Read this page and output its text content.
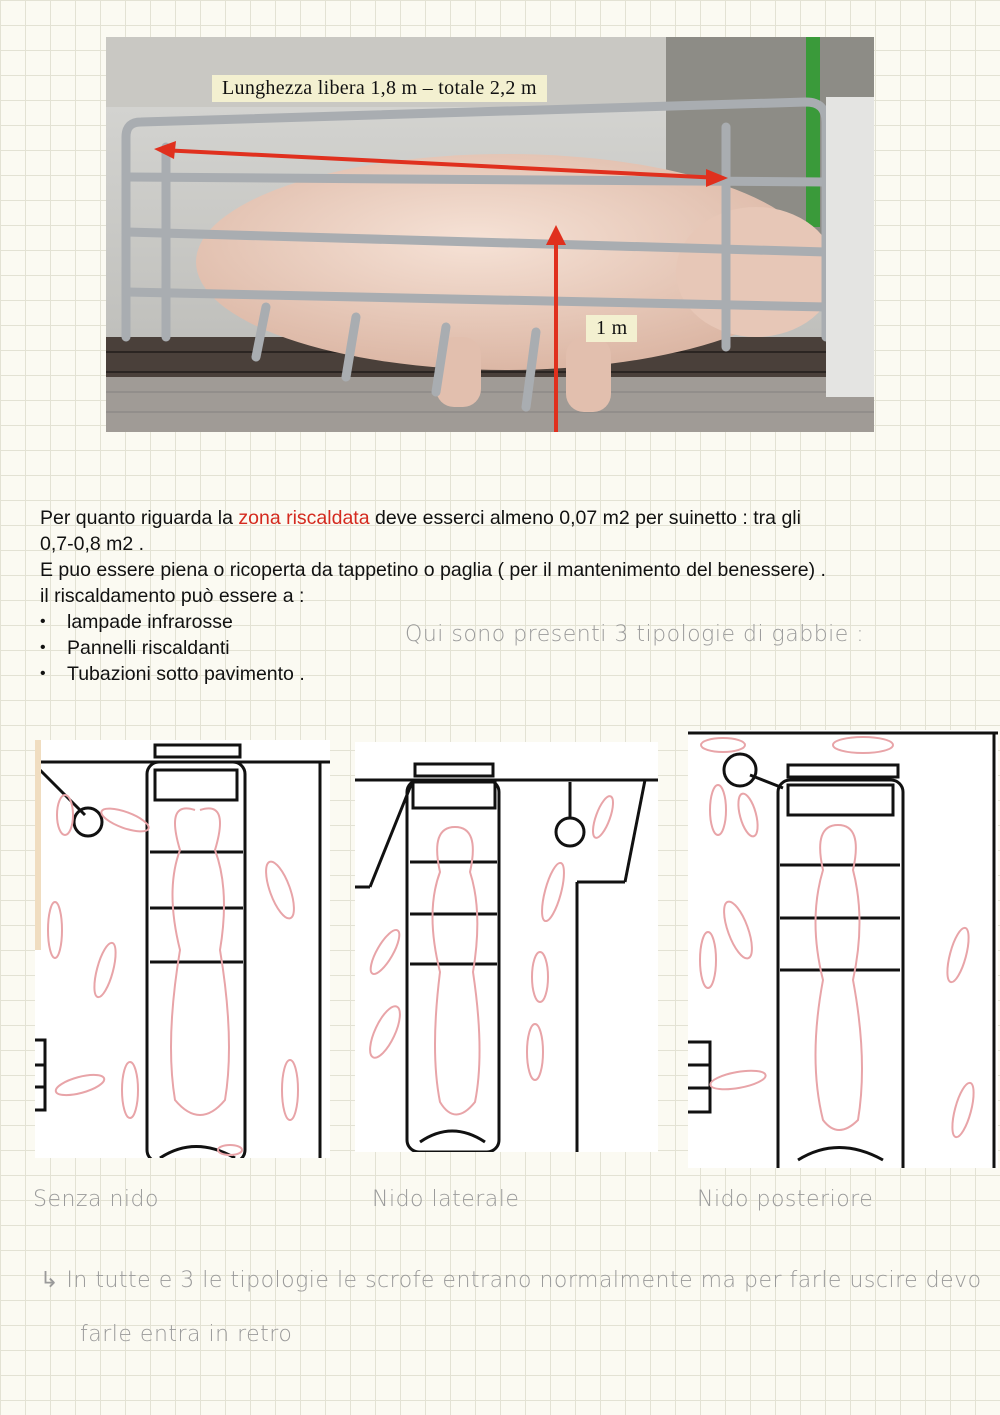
Lunghezza libera 1,8 m – totale 2,2 m
1 m

Per quanto riguarda la zona riscaldata deve esserci almeno 0,07 m2 per suinetto : tra gli

0,7-0,8 m2 .

E puo essere piena o ricoperta da tappetino o paglia ( per il mantenimento del benessere) .

il riscaldamento può essere a :

• lampade infrarosse
• Pannelli riscaldanti
• Tubazioni sotto pavimento .
Qui sono presenti 3 tipologie di gabbie :
Senza nido	Nido laterale	Nido posteriore
↳ In tutte e 3 le tipologie le scrofe entrano normalmente ma per farle uscire devo
farle entra in retro
